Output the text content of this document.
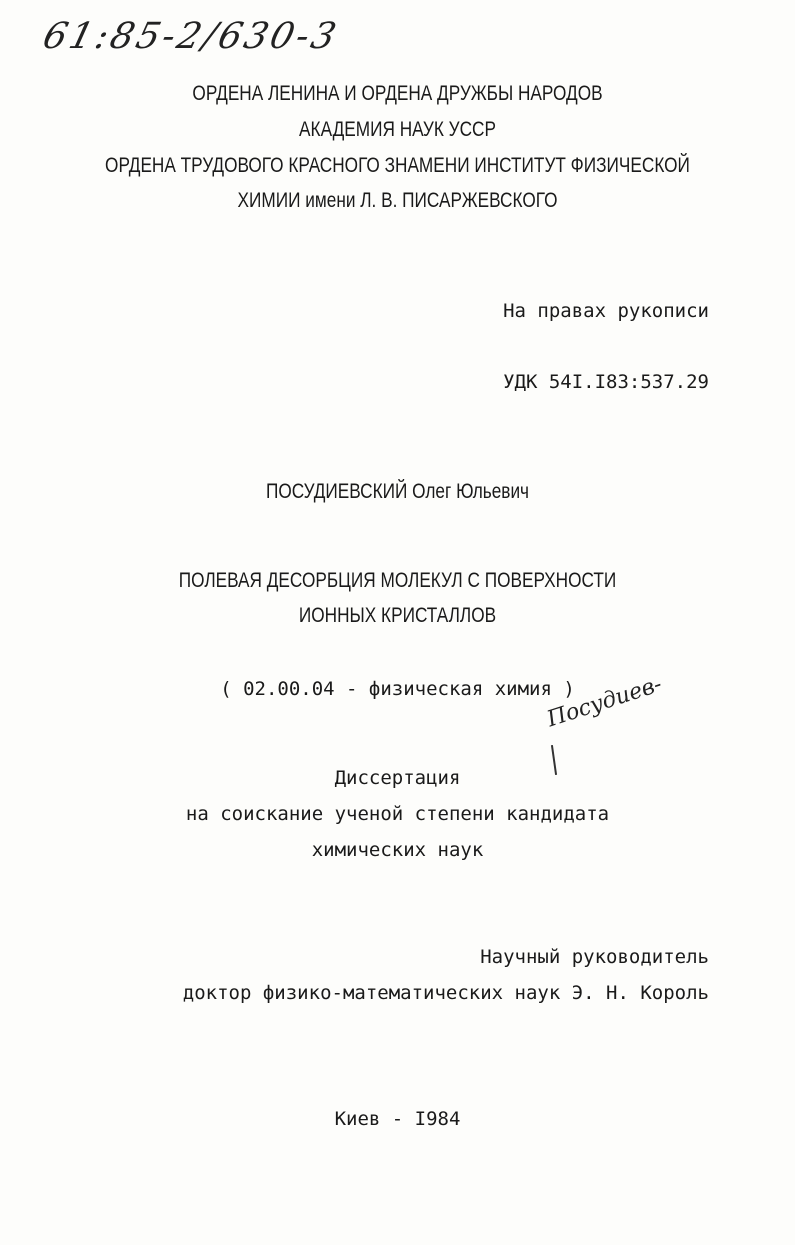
61:85-2/630-3
ОРДЕНА ЛЕНИНА И ОРДЕНА ДРУЖБЫ НАРОДОВ
АКАДЕМИЯ НАУК УССР
ОРДЕНА ТРУДОВОГО КРАСНОГО ЗНАМЕНИ ИНСТИТУТ ФИЗИЧЕСКОЙ
ХИМИИ имени Л. В. ПИСАРЖЕВСКОГО
На правах рукописи
УДК 54I.I83:537.29
ПОСУДИЕВСКИЙ Олег Юльевич
ПОЛЕВАЯ ДЕСОРБЦИЯ МОЛЕКУЛ С ПОВЕРХНОСТИ
ИОННЫХ КРИСТАЛЛОВ
( 02.00.04 - физическая химия )
Посудиев-
Диссертация
на соискание ученой степени кандидата
химических наук
Научный руководитель
доктор физико-математических наук Э. Н. Король
Киев - I984
